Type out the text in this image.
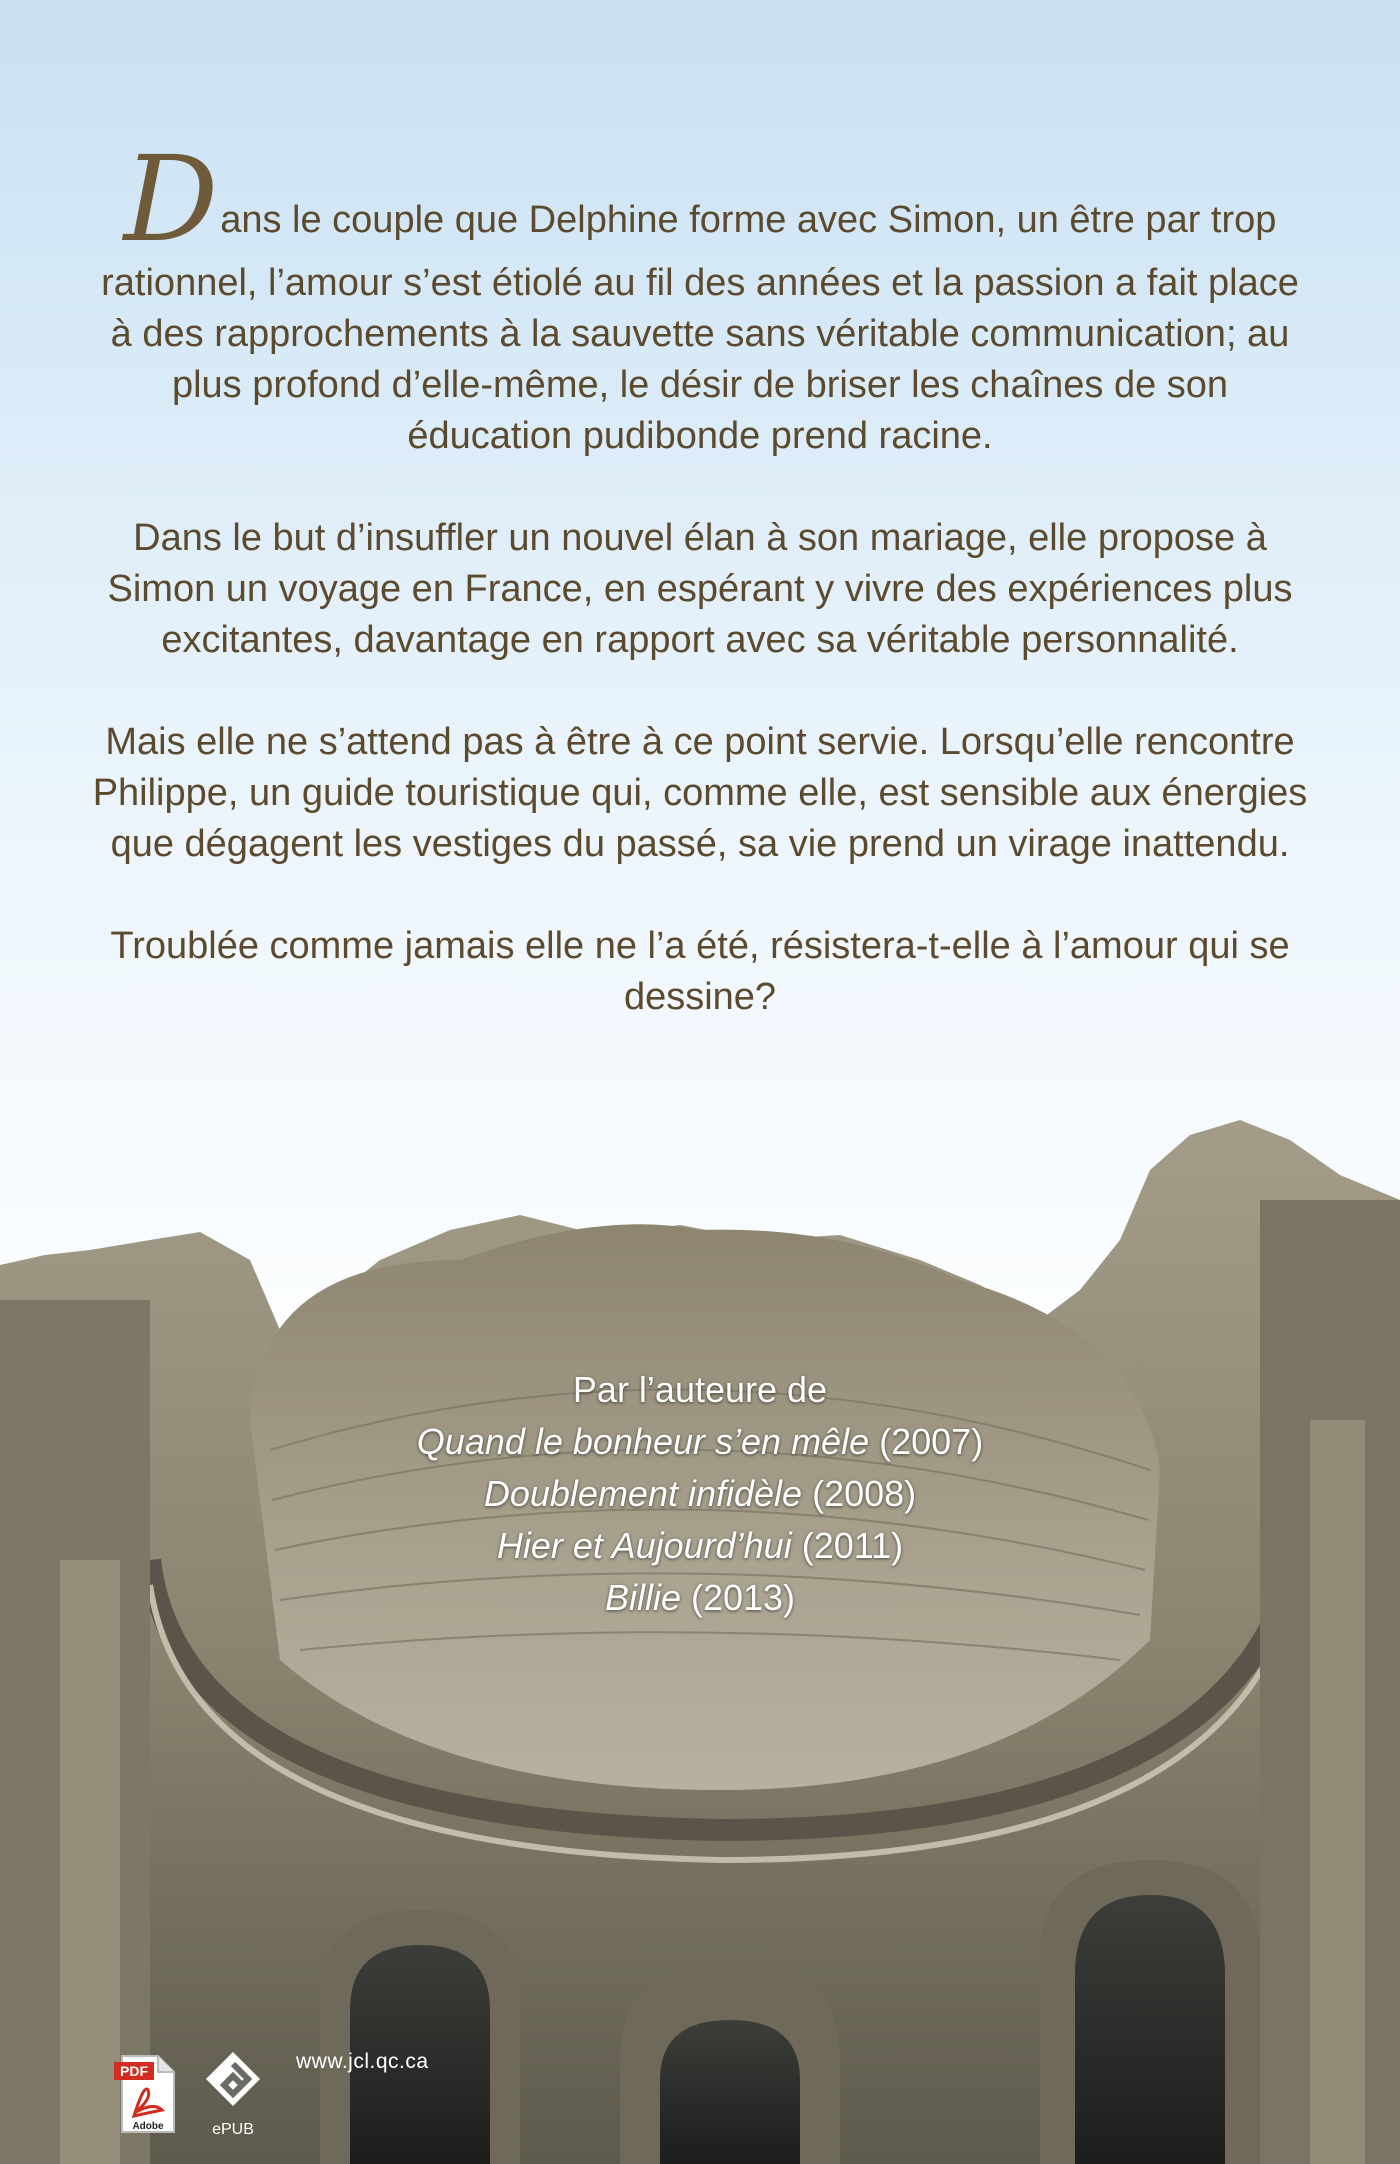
Dans le couple que Delphine forme avec Simon, un être par trop rationnel, l’amour s’est étiolé au fil des années et la passion a fait place à des rapprochements à la sauvette sans véritable communication; au plus profond d’elle-même, le désir de briser les chaînes de son éducation pudibonde prend racine.

Dans le but d’insuffler un nouvel élan à son mariage, elle propose à Simon un voyage en France, en espérant y vivre des expériences plus excitantes, davantage en rapport avec sa véritable personnalité.

Mais elle ne s’attend pas à être à ce point servie. Lorsqu’elle rencontre Philippe, un guide touristique qui, comme elle, est sensible aux énergies que dégagent les vestiges du passé, sa vie prend un virage inattendu.

Troublée comme jamais elle ne l’a été, résistera-t-elle à l’amour qui se dessine?

Par l’auteure de
Quand le bonheur s’en mêle (2007)
Doublement infidèle (2008)
Hier et Aujourd’hui (2011)
Billie (2013)
PDF
Adobe	ePUB
www.jcl.qc.ca
